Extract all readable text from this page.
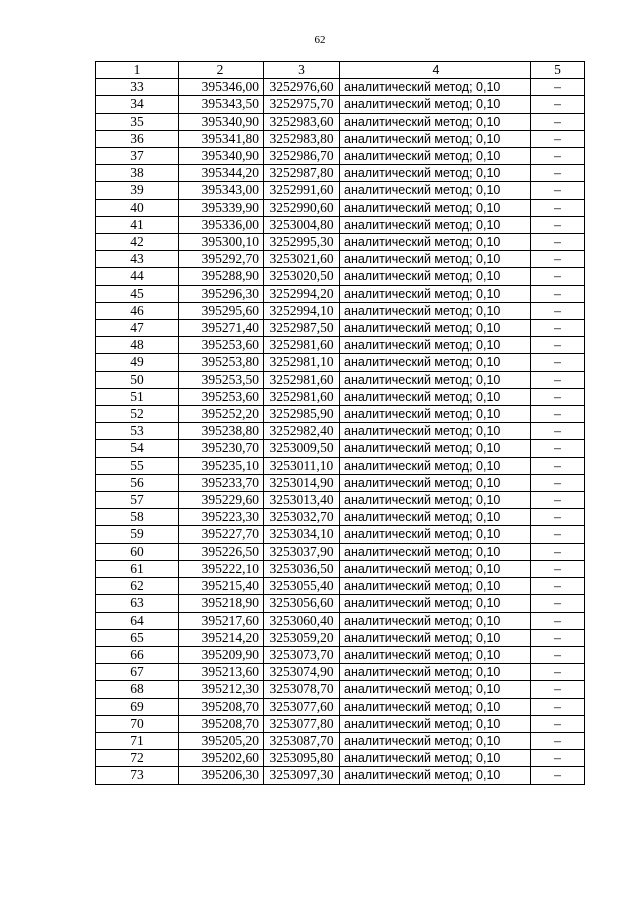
62
1	2	3	4	5
33	395346,00	3252976,60	аналитический метод; 0,10	–
34	395343,50	3252975,70	аналитический метод; 0,10	–
35	395340,90	3252983,60	аналитический метод; 0,10	–
36	395341,80	3252983,80	аналитический метод; 0,10	–
37	395340,90	3252986,70	аналитический метод; 0,10	–
38	395344,20	3252987,80	аналитический метод; 0,10	–
39	395343,00	3252991,60	аналитический метод; 0,10	–
40	395339,90	3252990,60	аналитический метод; 0,10	–
41	395336,00	3253004,80	аналитический метод; 0,10	–
42	395300,10	3252995,30	аналитический метод; 0,10	–
43	395292,70	3253021,60	аналитический метод; 0,10	–
44	395288,90	3253020,50	аналитический метод; 0,10	–
45	395296,30	3252994,20	аналитический метод; 0,10	–
46	395295,60	3252994,10	аналитический метод; 0,10	–
47	395271,40	3252987,50	аналитический метод; 0,10	–
48	395253,60	3252981,60	аналитический метод; 0,10	–
49	395253,80	3252981,10	аналитический метод; 0,10	–
50	395253,50	3252981,60	аналитический метод; 0,10	–
51	395253,60	3252981,60	аналитический метод; 0,10	–
52	395252,20	3252985,90	аналитический метод; 0,10	–
53	395238,80	3252982,40	аналитический метод; 0,10	–
54	395230,70	3253009,50	аналитический метод; 0,10	–
55	395235,10	3253011,10	аналитический метод; 0,10	–
56	395233,70	3253014,90	аналитический метод; 0,10	–
57	395229,60	3253013,40	аналитический метод; 0,10	–
58	395223,30	3253032,70	аналитический метод; 0,10	–
59	395227,70	3253034,10	аналитический метод; 0,10	–
60	395226,50	3253037,90	аналитический метод; 0,10	–
61	395222,10	3253036,50	аналитический метод; 0,10	–
62	395215,40	3253055,40	аналитический метод; 0,10	–
63	395218,90	3253056,60	аналитический метод; 0,10	–
64	395217,60	3253060,40	аналитический метод; 0,10	–
65	395214,20	3253059,20	аналитический метод; 0,10	–
66	395209,90	3253073,70	аналитический метод; 0,10	–
67	395213,60	3253074,90	аналитический метод; 0,10	–
68	395212,30	3253078,70	аналитический метод; 0,10	–
69	395208,70	3253077,60	аналитический метод; 0,10	–
70	395208,70	3253077,80	аналитический метод; 0,10	–
71	395205,20	3253087,70	аналитический метод; 0,10	–
72	395202,60	3253095,80	аналитический метод; 0,10	–
73	395206,30	3253097,30	аналитический метод; 0,10	–
